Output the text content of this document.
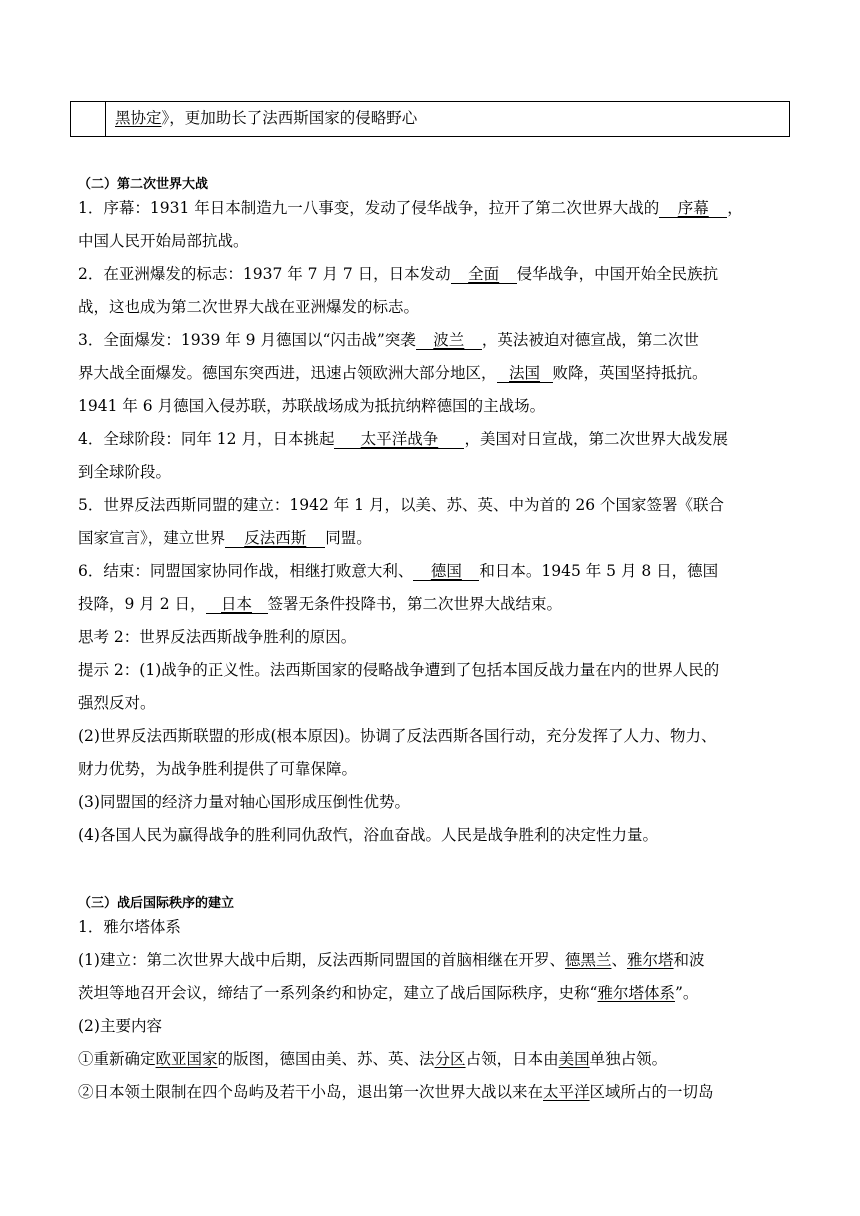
黑协定》，更加助长了法西斯国家的侵略野心
（二）第二次世界大战
1．序幕：1931 年日本制造九一八事变，发动了侵华战争，拉开了第二次世界大战的 序幕 ，
中国人民开始局部抗战。
2．在亚洲爆发的标志：1937 年 7 月 7 日，日本发动 全面 侵华战争，中国开始全民族抗
战，这也成为第二次世界大战在亚洲爆发的标志。
3．全面爆发：1939 年 9 月德国以“闪击战”突袭 波兰 ，英法被迫对德宣战，第二次世
界大战全面爆发。德国东突西进，迅速占领欧洲大部分地区， 法国 败降，英国坚持抵抗。
1941 年 6 月德国入侵苏联，苏联战场成为抵抗纳粹德国的主战场。
4．全球阶段：同年 12 月，日本挑起 太平洋战争 ，美国对日宣战，第二次世界大战发展
到全球阶段。
5．世界反法西斯同盟的建立：1942 年 1 月，以美、苏、英、中为首的 26 个国家签署《联合
国家宣言》，建立世界 反法西斯 同盟。
6．结束：同盟国家协同作战，相继打败意大利、 德国 和日本。1945 年 5 月 8 日，德国
投降，9 月 2 日， 日本 签署无条件投降书，第二次世界大战结束。
思考 2：世界反法西斯战争胜利的原因。
提示 2：(1)战争的正义性。法西斯国家的侵略战争遭到了包括本国反战力量在内的世界人民的
强烈反对。
(2)世界反法西斯联盟的形成(根本原因)。协调了反法西斯各国行动，充分发挥了人力、物力、
财力优势，为战争胜利提供了可靠保障。
(3)同盟国的经济力量对轴心国形成压倒性优势。
(4)各国人民为赢得战争的胜利同仇敌忾，浴血奋战。人民是战争胜利的决定性力量。
（三）战后国际秩序的建立
1．雅尔塔体系
(1)建立：第二次世界大战中后期，反法西斯同盟国的首脑相继在开罗、德黑兰、雅尔塔和波
茨坦等地召开会议，缔结了一系列条约和协定，建立了战后国际秩序，史称“雅尔塔体系”。
(2)主要内容
①重新确定欧亚国家的版图，德国由美、苏、英、法分区占领，日本由美国单独占领。
②日本领土限制在四个岛屿及若干小岛，退出第一次世界大战以来在太平洋区域所占的一切岛
